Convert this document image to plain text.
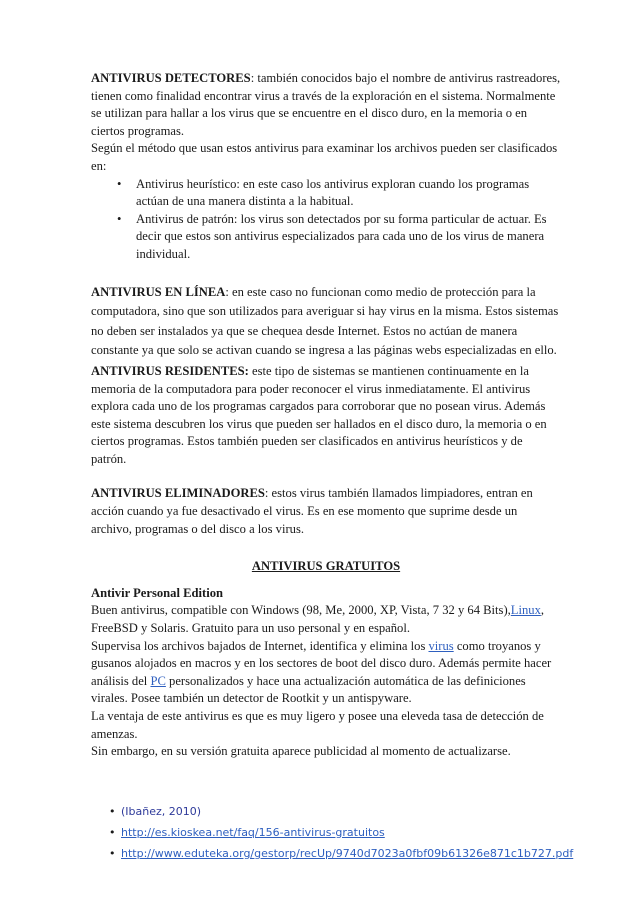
ANTIVIRUS DETECTORES: también conocidos bajo el nombre de antivirus rastreadores, tienen como finalidad encontrar virus a través de la exploración en el sistema. Normalmente se utilizan para hallar a los virus que se encuentre en el disco duro, en la memoria o en ciertos programas.

Según el método que usan estos antivirus para examinar los archivos pueden ser clasificados en:

• Antivirus heurístico: en este caso los antivirus exploran cuando los programas actúan de una manera distinta a la habitual.
• Antivirus de patrón: los virus son detectados por su forma particular de actuar. Es decir que estos son antivirus especializados para cada uno de los virus de manera individual.

ANTIVIRUS EN LÍNEA: en este caso no funcionan como medio de protección para la computadora, sino que son utilizados para averiguar si hay virus en la misma. Estos sistemas no deben ser instalados ya que se chequea desde Internet. Estos no actúan de manera constante ya que solo se activan cuando se ingresa a las páginas webs especializadas en ello.

ANTIVIRUS RESIDENTES: este tipo de sistemas se mantienen continuamente en la memoria de la computadora para poder reconocer el virus inmediatamente. El antivirus explora cada uno de los programas cargados para corroborar que no posean virus. Además este sistema descubren los virus que pueden ser hallados en el disco duro, la memoria o en ciertos programas. Estos también pueden ser clasificados en antivirus heurísticos y de patrón.

ANTIVIRUS ELIMINADORES: estos virus también llamados limpiadores, entran en acción cuando ya fue desactivado el virus. Es en ese momento que suprime desde un archivo, programas o del disco a los virus.

ANTIVIRUS GRATUITOS

Antivir Personal Edition

Buen antivirus, compatible con Windows (98, Me, 2000, XP, Vista, 7 32 y 64 Bits),Linux, FreeBSD y Solaris. Gratuito para un uso personal y en español.

Supervisa los archivos bajados de Internet, identifica y elimina los virus como troyanos y gusanos alojados en macros y en los sectores de boot del disco duro. Además permite hacer análisis del PC personalizados y hace una actualización automática de las definiciones virales. Posee también un detector de Rootkit y un antispyware.

La ventaja de este antivirus es que es muy ligero y posee una eleveda tasa de detección de amenzas.

Sin embargo, en su versión gratuita aparece publicidad al momento de actualizarse.

• (Ibañez, 2010)
• http://es.kioskea.net/faq/156-antivirus-gratuitos
• http://www.eduteka.org/gestorp/recUp/9740d7023a0fbf09b61326e871c1b727.pdf
